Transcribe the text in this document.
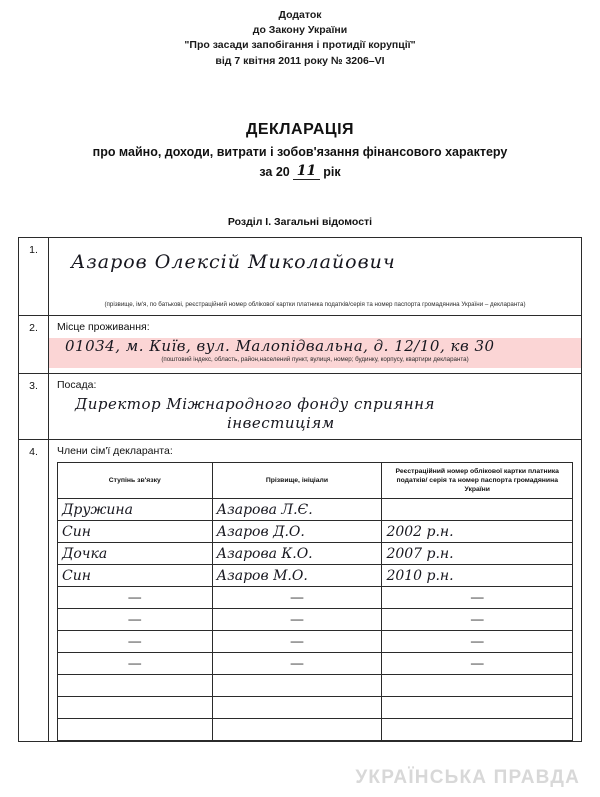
Додаток
до Закону України
"Про засади запобігання і протидії корупції"
від 7 квітня 2011 року № 3206–VI
ДЕКЛАРАЦІЯ
про майно, доходи, витрати і зобов'язання фінансового характеру
за 20 11 рік
Розділ I. Загальні відомості
1.
Азаров Олексій Миколайович
(прізвище, ім'я, по батькові, реєстраційний номер облікової картки платника податків/серія та номер паспорта громадянина України – декларанта)
2.	Місце проживання:
01034, м. Київ, вул. Малопідвальна, д. 12/10, кв 30
(поштовий індекс, область, район,населений пункт, вулиця, номер; будинку, корпусу, квартири декларанта)
3.	Посада:
Директор Міжнародного фонду сприяння
інвестиціям
4.	Члени сім'ї декларанта:
Ступінь зв'язку	Прізвище, ініціали	Реєстраційний номер облікової картки платника податків/ серія та номер паспорта громадянина України
Дружина	Азарова Л.Є.	
Син	Азаров Д.О.	2002 р.н.
Дочка	Азарова К.О.	2007 р.н.
Син	Азаров М.О.	2010 р.н.
—	—	—
—	—	—
—	—	—
—	—	—

УКРАЇНСЬКА ПРАВДА
